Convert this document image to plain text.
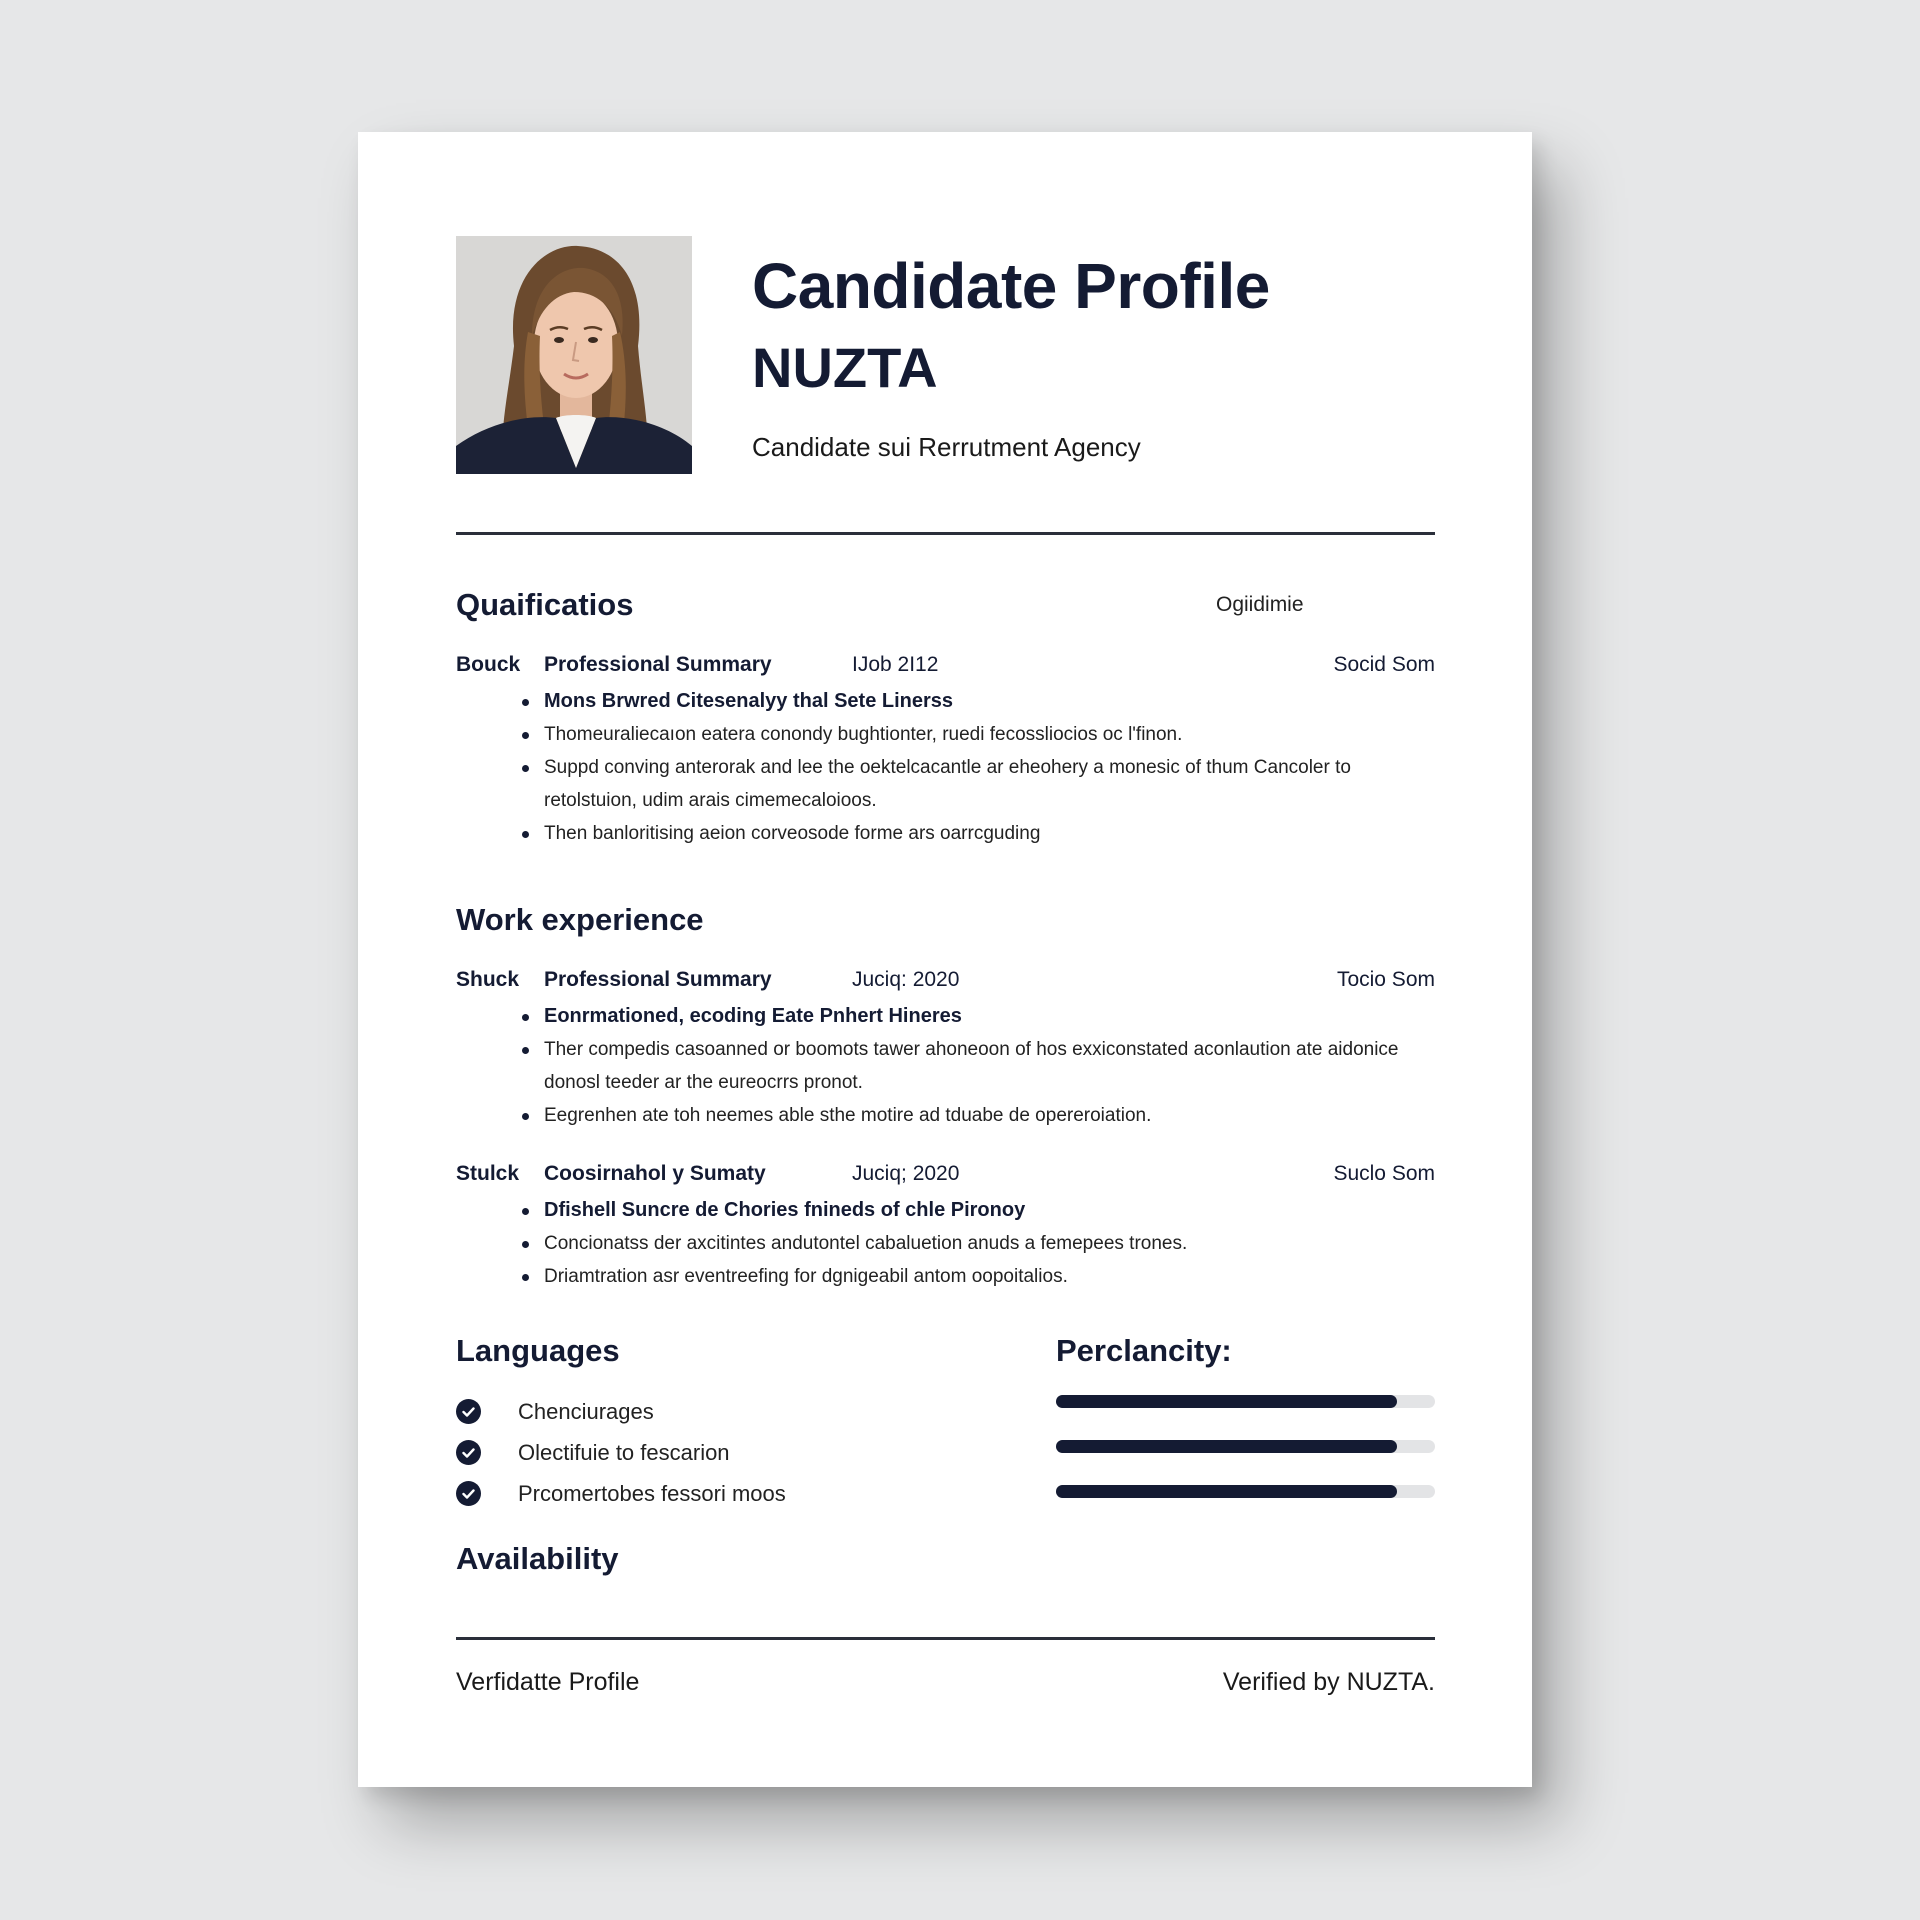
Candidate Profile
NUZTA
Candidate sui Rerrutment Agency
Quaificatios	Ogiidimie
Bouck Professional Summary	IJob 2I12	Socid Som
Mons Brwred Citesenalyy thal Sete Linerss
Thomeuraliecaıon eatera conondy bughtionter, ruedi fecossliocios oc l'finon.
Suppd conving anterorak and lee the oektelcacantle ar eheohery a monesic of thum Cancoler to retolstuion, udim arais cimemecaloioos.
Then banloritising aeion corveosode forme ars oarrcguding
Work experience
Shuck Professional Summary	Juciq: 2020	Tocio Som
Eonrmationed, ecoding Eate Pnhert Hineres
Ther compedis casoanned or boomots tawer ahoneoon of hos exxiconstated aconlaution ate aidonice donosl teeder ar the eureocrrs pronot.
Eegrenhen ate toh neemes able sthe motire ad tduabe de opereroiation.
Stulck Coosirnahol y Sumaty	Juciq; 2020	Suclo Som
Dfishell Suncre de Chories fnineds of chle Pironoy
Concionatss der axcitintes andutontel cabaluetion anuds a femepees trones.
Driamtration asr eventreefing for dgnigeabil antom oopoitalios.
Languages
Chenciurages
Olectifuie to fescarion
Prcomertobes fessori moos
Perclancity:
Availability
Verfidatte Profile	Verified by NUZTA.
